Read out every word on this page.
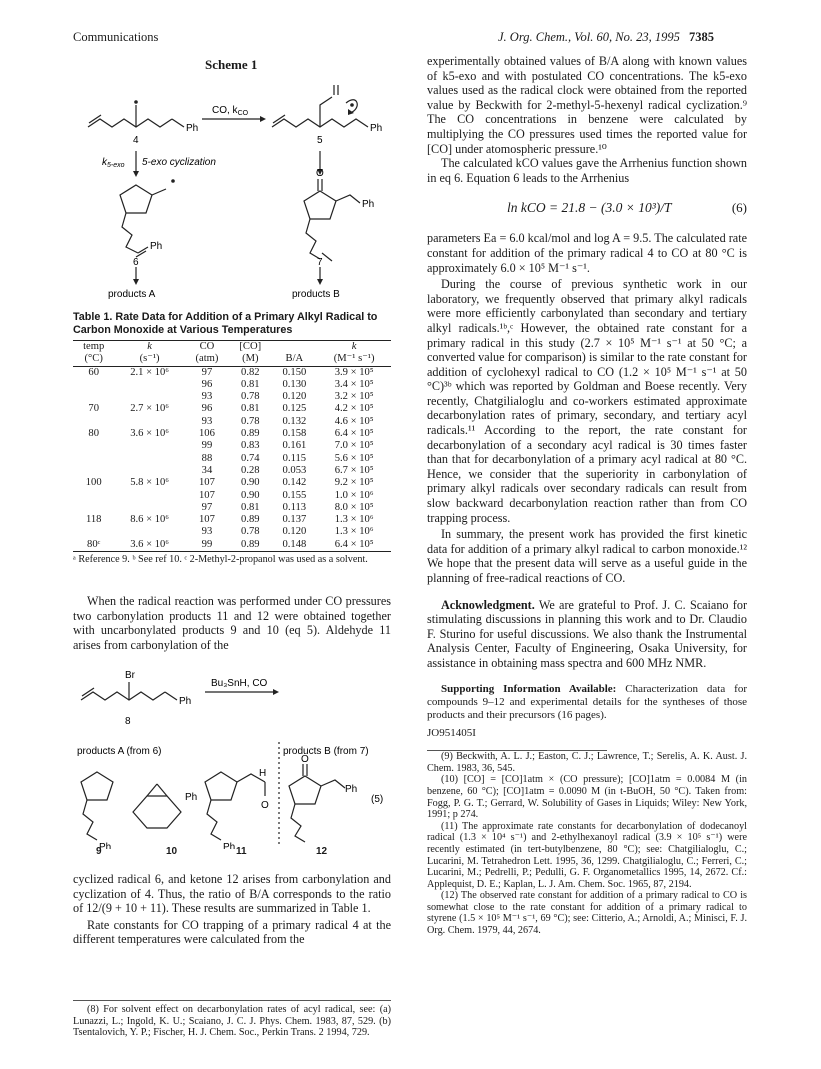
Communications	J. Org. Chem., Vol. 60, No. 23, 1995 7385
Scheme 1
Ph	Ph
Ph
Ph
O
CO, $k_{CO}$
4	5
6	7
$k_{5-exo}$ 5-exo cyclization
products A	products B
Table 1. Rate Data for Addition of a Primary Alkyl Radical to Carbon Monoxide at Various Temperatures
temp	k	CO	[CO]		k
(°C)	(s⁻¹)	(atm)	(M)	B/A	(M⁻¹ s⁻¹)
60	2.1 × 10⁶	97	0.82	0.150	3.9 × 10⁵
		96	0.81	0.130	3.4 × 10⁵
		93	0.78	0.120	3.2 × 10⁵
70	2.7 × 10⁶	96	0.81	0.125	4.2 × 10⁵
		93	0.78	0.132	4.6 × 10⁵
80	3.6 × 10⁶	106	0.89	0.158	6.4 × 10⁵
		99	0.83	0.161	7.0 × 10⁵
		88	0.74	0.115	5.6 × 10⁵
		34	0.28	0.053	6.7 × 10⁵
100	5.8 × 10⁶	107	0.90	0.142	9.2 × 10⁵
		107	0.90	0.155	1.0 × 10⁶
		97	0.81	0.113	8.0 × 10⁵
118	8.6 × 10⁶	107	0.89	0.137	1.3 × 10⁶
		93	0.78	0.120	1.3 × 10⁶
80ᶜ	3.6 × 10⁶	99	0.89	0.148	6.4 × 10⁵
ᵃ Reference 9. ᵇ See ref 10. ᶜ 2-Methyl-2-propanol was used as a solvent.

When the radical reaction was performed under CO pressures two carbonylation products 11 and 12 were obtained together with uncarbonylated products 9 and 10 (eq 5). Aldehyde 11 arises from carbonylation of the

Br
Ph
Bu₃SnH, CO
8
products A (from 6)	products B (from 7)
Ph
Ph
Ph
Ph
H
O
O
(5)
9	10	11	12

cyclized radical 6, and ketone 12 arises from carbonylation and cyclization of 4. Thus, the ratio of B/A corresponds to the ratio of 12/(9 + 10 + 11). These results are summarized in Table 1.

Rate constants for CO trapping of a primary radical 4 at the different temperatures were calculated from the

(8) For solvent effect on decarbonylation rates of acyl radical, see: (a) Lunazzi, L.; Ingold, K. U.; Scaiano, J. C. J. Phys. Chem. 1983, 87, 529. (b) Tsentalovich, Y. P.; Fischer, H. J. Chem. Soc., Perkin Trans. 2 1994, 729.

experimentally obtained values of B/A along with known values of k5-exo and with postulated CO concentrations. The k5-exo values used as the radical clock were obtained from the reported value by Beckwith for 2-methyl-5-hexenyl radical cyclization.⁹ The CO concentrations in benzene were calculated by multiplying the CO pressures used times the reported value for [CO] under atomospheric pressure.¹⁰

The calculated kCO values gave the Arrhenius function shown in eq 6. Equation 6 leads to the Arrhenius

ln kCO = 21.8 − (3.0 × 10³)/T	(6)

parameters Ea = 6.0 kcal/mol and log A = 9.5. The calculated rate constant for addition of the primary radical 4 to CO at 80 °C is approximately 6.0 × 10⁵ M⁻¹ s⁻¹.

During the course of previous synthetic work in our laboratory, we frequently observed that primary alkyl radicals were more efficiently carbonylated than secondary and tertiary alkyl radicals.¹ᵇ,ᶜ However, the obtained rate constant for a primary radical in this study (2.7 × 10⁵ M⁻¹ s⁻¹ at 50 °C; a converted value for comparison) is similar to the rate constant for addition of cyclohexyl radical to CO (1.2 × 10⁵ M⁻¹ s⁻¹ at 50 °C)³ᵇ which was reported by Goldman and Boese recently. Very recently, Chatgilialoglu and co-workers estimated approximate decarbonylation rates of primary, secondary, and tertiary acyl radicals.¹¹ According to the report, the rate constant for decarbonylation of a secondary acyl radical is 30 times faster than that for decarbonylation of a primary acyl radical at 80 °C. Hence, we consider that the superiority in carbonylation of primary alkyl radicals over secondary radicals can result from slow backward decarbonylation reaction rather than from CO trapping process.

In summary, the present work has provided the first kinetic data for addition of a primary alkyl radical to carbon monoxide.¹² We hope that the present data will serve as a useful guide in the planning of free-radical reactions of CO.

Acknowledgment. We are grateful to Prof. J. C. Scaiano for stimulating discussions in planning this work and to Dr. Claudio F. Sturino for useful discussions. We also thank the Instrumental Analysis Center, Faculty of Engineering, Osaka University, for assistance in obtaining mass spectra and 600 MHz NMR.

Supporting Information Available: Characterization data for compounds 9–12 and experimental details for the syntheses of those products and their precursors (16 pages).

JO951405I

(9) Beckwith, A. L. J.; Easton, C. J.; Lawrence, T.; Serelis, A. K. Aust. J. Chem. 1983, 36, 545.

(10) [CO] = [CO]1atm × (CO pressure); [CO]1atm = 0.0084 M (in benzene, 60 °C); [CO]1atm = 0.0090 M (in t-BuOH, 50 °C). Taken from: Fogg, P. G. T.; Gerrard, W. Solubility of Gases in Liquids; Wiley: New York, 1991; p 274.

(11) The approximate rate constants for decarbonylation of dodecanoyl radical (1.3 × 10⁴ s⁻¹) and 2-ethylhexanoyl radical (3.9 × 10⁵ s⁻¹) were recently estimated (in tert-butylbenzene, 80 °C); see: Chatgilialoglu, C.; Lucarini, M. Tetrahedron Lett. 1995, 36, 1299. Chatgilialoglu, C.; Ferreri, C.; Lucarini, M.; Pedrelli, P.; Pedulli, G. F. Organometallics 1995, 14, 2672. Cf.: Applequist, D. E.; Kaplan, L. J. Am. Chem. Soc. 1965, 87, 2194.

(12) The observed rate constant for addition of a primary radical to CO is somewhat close to the rate constant for addition of a primary radical to styrene (1.5 × 10⁵ M⁻¹ s⁻¹, 69 °C); see: Citterio, A.; Arnoldi, A.; Minisci, F. J. Org. Chem. 1979, 44, 2674.
